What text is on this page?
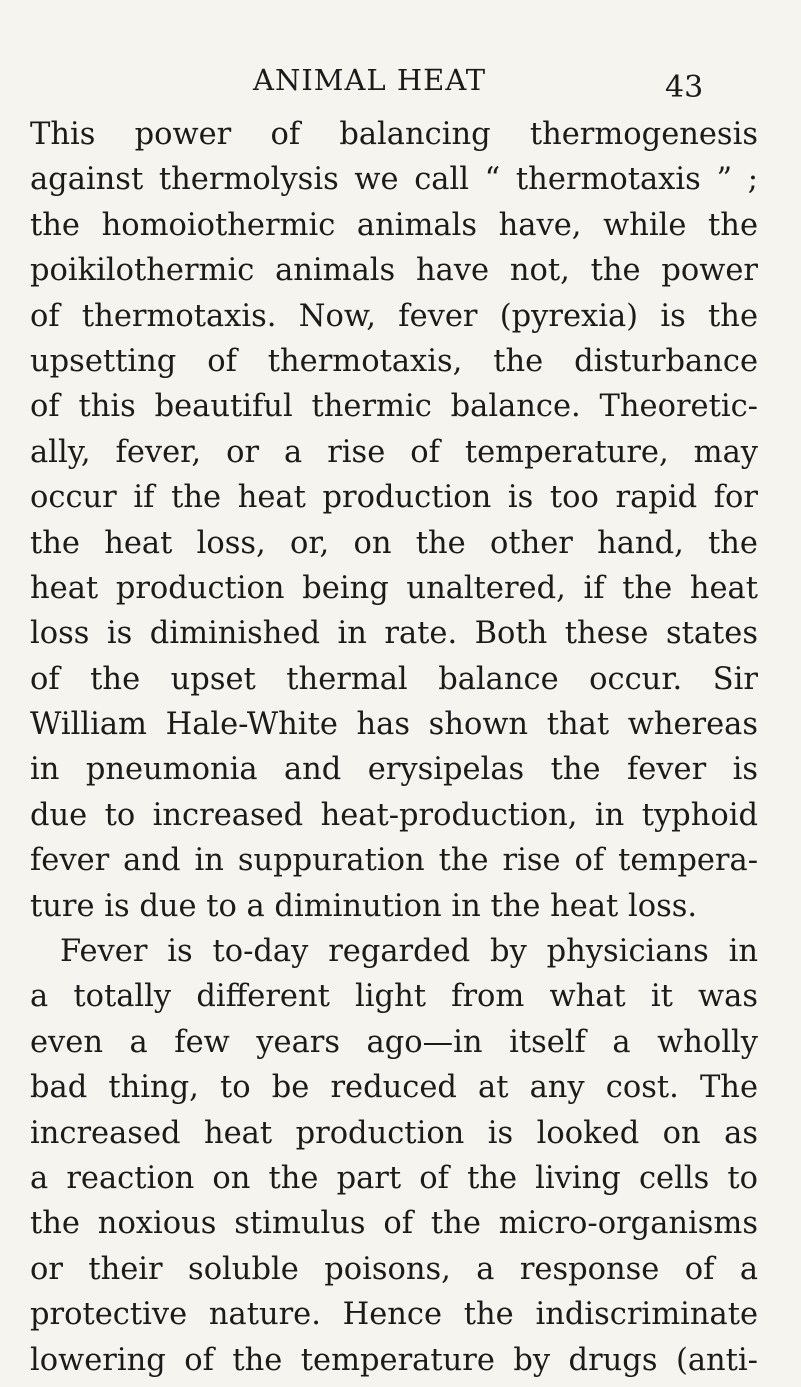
ANIMAL HEAT	43
This power of balancing thermogenesis
against thermolysis we call “ thermotaxis ” ;
the homoiothermic animals have, while the
poikilothermic animals have not, the power
of thermotaxis. Now, fever (pyrexia) is the
upsetting of thermotaxis, the disturbance
of this beautiful thermic balance. Theoretic-
ally, fever, or a rise of temperature, may
occur if the heat production is too rapid for
the heat loss, or, on the other hand, the
heat production being unaltered, if the heat
loss is diminished in rate. Both these states
of the upset thermal balance occur. Sir
William Hale-White has shown that whereas
in pneumonia and erysipelas the fever is
due to increased heat-production, in typhoid
fever and in suppuration the rise of tempera-
ture is due to a diminution in the heat loss.
Fever is to-day regarded by physicians in
a totally different light from what it was
even a few years ago—in itself a wholly
bad thing, to be reduced at any cost. The
increased heat production is looked on as
a reaction on the part of the living cells to
the noxious stimulus of the micro-organisms
or their soluble poisons, a response of a
protective nature. Hence the indiscriminate
lowering of the temperature by drugs (anti-
